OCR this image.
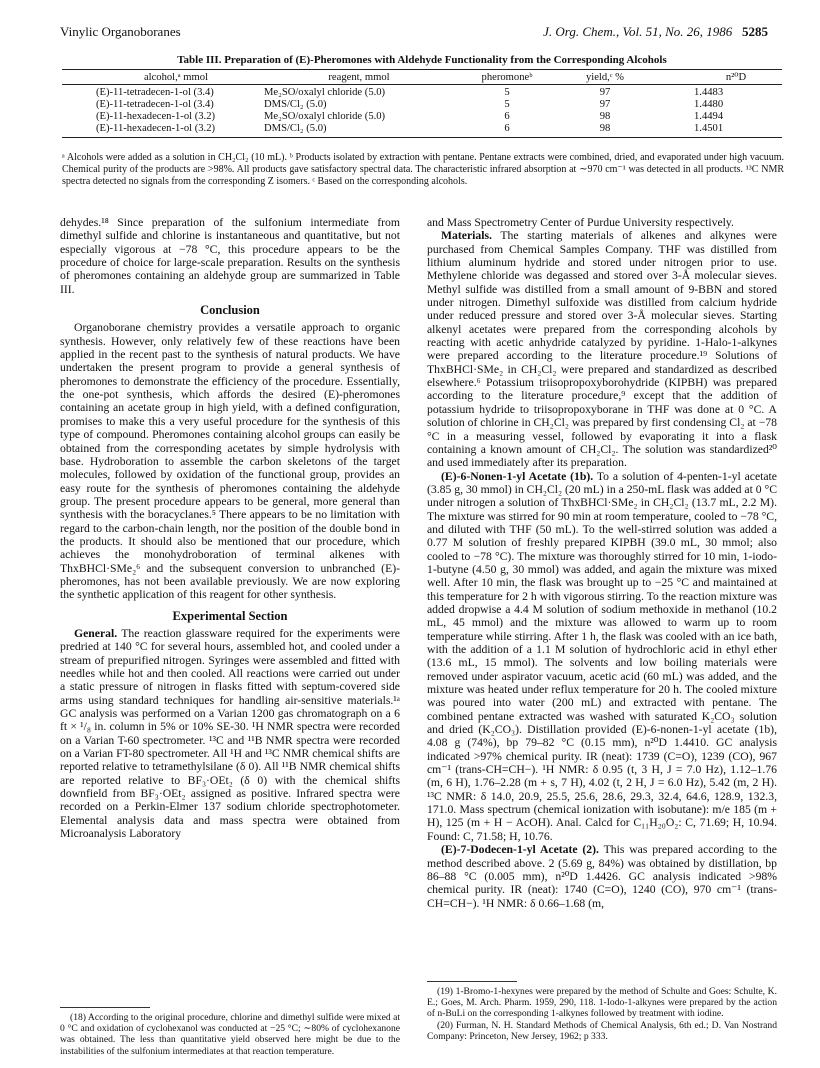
Vinylic Organoboranes	J. Org. Chem., Vol. 51, No. 26, 1986 5285
Table III. Preparation of (E)-Pheromones with Aldehyde Functionality from the Corresponding Alcohols
alcohol,ᵃ mmol	reagent, mmol	pheromoneᵇ	yield,ᶜ %	n²⁰D
(E)-11-tetradecen-1-ol (3.4)	Me₂SO/oxalyl chloride (5.0)	5	97	1.4483
(E)-11-tetradecen-1-ol (3.4)	DMS/Cl₂ (5.0)	5	97	1.4480
(E)-11-hexadecen-1-ol (3.2)	Me₂SO/oxalyl chloride (5.0)	6	98	1.4494
(E)-11-hexadecen-1-ol (3.2)	DMS/Cl₂ (5.0)	6	98	1.4501
ᵃ Alcohols were added as a solution in CH₂Cl₂ (10 mL). ᵇ Products isolated by extraction with pentane. Pentane extracts were combined, dried, and evaporated under high vacuum. Chemical purity of the products are >98%. All products gave satisfactory spectral data. The characteristic infrared absorption at ∼970 cm⁻¹ was detected in all products. ¹³C NMR spectra detected no signals from the corresponding Z isomers. ᶜ Based on the corresponding alcohols.

dehydes.¹⁸ Since preparation of the sulfonium intermediate from dimethyl sulfide and chlorine is instantaneous and quantitative, but not especially vigorous at −78 °C, this procedure appears to be the procedure of choice for large-scale preparation. Results on the synthesis of pheromones containing an aldehyde group are summarized in Table III.

Conclusion

Organoborane chemistry provides a versatile approach to organic synthesis. However, only relatively few of these reactions have been applied in the recent past to the synthesis of natural products. We have undertaken the present program to provide a general synthesis of pheromones to demonstrate the efficiency of the procedure. Essentially, the one-pot synthesis, which affords the desired (E)-pheromones containing an acetate group in high yield, with a defined configuration, promises to make this a very useful procedure for the synthesis of this type of compound. Pheromones containing alcohol groups can easily be obtained from the corresponding acetates by simple hydrolysis with base. Hydroboration to assemble the carbon skeletons of the target molecules, followed by oxidation of the functional group, provides an easy route for the synthesis of pheromones containing the aldehyde group. The present procedure appears to be general, more general than synthesis with the boracyclanes.⁵ There appears to be no limitation with regard to the carbon-chain length, nor the position of the double bond in the products. It should also be mentioned that our procedure, which achieves the monohydroboration of terminal alkenes with ThxBHCl·SMe₂⁶ and the subsequent conversion to unbranched (E)-pheromones, has not been available previously. We are now exploring the synthetic application of this reagent for other synthesis.

Experimental Section

General. The reaction glassware required for the experiments were predried at 140 °C for several hours, assembled hot, and cooled under a stream of prepurified nitrogen. Syringes were assembled and fitted with needles while hot and then cooled. All reactions were carried out under a static pressure of nitrogen in flasks fitted with septum-covered side arms using standard techniques for handling air-sensitive materials.¹ᵃ GC analysis was performed on a Varian 1200 gas chromatograph on a 6 ft × ¹/₈ in. column in 5% or 10% SE-30. ¹H NMR spectra were recorded on a Varian T-60 spectrometer. ¹³C and ¹¹B NMR spectra were recorded on a Varian FT-80 spectrometer. All ¹H and ¹³C NMR chemical shifts are reported relative to tetramethylsilane (δ 0). All ¹¹B NMR chemical shifts are reported relative to BF₃·OEt₂ (δ 0) with the chemical shifts downfield from BF₃·OEt₂ assigned as positive. Infrared spectra were recorded on a Perkin-Elmer 137 sodium chloride spectrophotometer. Elemental analysis data and mass spectra were obtained from Microanalysis Laboratory

and Mass Spectrometry Center of Purdue University respectively.

Materials. The starting materials of alkenes and alkynes were purchased from Chemical Samples Company. THF was distilled from lithium aluminum hydride and stored under nitrogen prior to use. Methylene chloride was degassed and stored over 3-Å molecular sieves. Methyl sulfide was distilled from a small amount of 9-BBN and stored under nitrogen. Dimethyl sulfoxide was distilled from calcium hydride under reduced pressure and stored over 3-Å molecular sieves. Starting alkenyl acetates were prepared from the corresponding alcohols by reacting with acetic anhydride catalyzed by pyridine. 1-Halo-1-alkynes were prepared according to the literature procedure.¹⁹ Solutions of ThxBHCl·SMe₂ in CH₂Cl₂ were prepared and standardized as described elsewhere.⁶ Potassium triisopropoxyborohydride (KIPBH) was prepared according to the literature procedure,⁹ except that the addition of potassium hydride to triisopropoxyborane in THF was done at 0 °C. A solution of chlorine in CH₂Cl₂ was prepared by first condensing Cl₂ at −78 °C in a measuring vessel, followed by evaporating it into a flask containing a known amount of CH₂Cl₂. The solution was standardized²⁰ and used immediately after its preparation.

(E)-6-Nonen-1-yl Acetate (1b). To a solution of 4-penten-1-yl acetate (3.85 g, 30 mmol) in CH₂Cl₂ (20 mL) in a 250-mL flask was added at 0 °C under nitrogen a solution of ThxBHCl·SMe₂ in CH₂Cl₂ (13.7 mL, 2.2 M). The mixture was stirred for 90 min at room temperature, cooled to −78 °C, and diluted with THF (50 mL). To the well-stirred solution was added a 0.77 M solution of freshly prepared KIPBH (39.0 mL, 30 mmol; also cooled to −78 °C). The mixture was thoroughly stirred for 10 min, 1-iodo-1-butyne (4.50 g, 30 mmol) was added, and again the mixture was mixed well. After 10 min, the flask was brought up to −25 °C and maintained at this temperature for 2 h with vigorous stirring. To the reaction mixture was added dropwise a 4.4 M solution of sodium methoxide in methanol (10.2 mL, 45 mmol) and the mixture was allowed to warm up to room temperature while stirring. After 1 h, the flask was cooled with an ice bath, with the addition of a 1.1 M solution of hydrochloric acid in ethyl ether (13.6 mL, 15 mmol). The solvents and low boiling materials were removed under aspirator vacuum, acetic acid (60 mL) was added, and the mixture was heated under reflux temperature for 20 h. The cooled mixture was poured into water (200 mL) and extracted with pentane. The combined pentane extracted was washed with saturated K₂CO₃ solution and dried (K₂CO₃). Distillation provided (E)-6-nonen-1-yl acetate (1b), 4.08 g (74%), bp 79–82 °C (0.15 mm), n²⁰D 1.4410. GC analysis indicated >97% chemical purity. IR (neat): 1739 (C=O), 1239 (CO), 967 cm⁻¹ (trans-CH=CH−). ¹H NMR: δ 0.95 (t, 3 H, J = 7.0 Hz), 1.12–1.76 (m, 6 H), 1.76–2.28 (m + s, 7 H), 4.02 (t, 2 H, J = 6.0 Hz), 5.42 (m, 2 H). ¹³C NMR: δ 14.0, 20.9, 25.5, 25.6, 28.6, 29.3, 32.4, 64.6, 128.9, 132.3, 171.0. Mass spectrum (chemical ionization with isobutane): m/e 185 (m + H), 125 (m + H − AcOH). Anal. Calcd for C₁₁H₂₀O₂: C, 71.69; H, 10.94. Found: C, 71.58; H, 10.76.

(E)-7-Dodecen-1-yl Acetate (2). This was prepared according to the method described above. 2 (5.69 g, 84%) was obtained by distillation, bp 86–88 °C (0.005 mm), n²⁰D 1.4426. GC analysis indicated >98% chemical purity. IR (neat): 1740 (C=O), 1240 (CO), 970 cm⁻¹ (trans-CH=CH−). ¹H NMR: δ 0.66–1.68 (m,

(18) According to the original procedure, chlorine and dimethyl sulfide were mixed at 0 °C and oxidation of cyclohexanol was conducted at −25 °C; ∼80% of cyclohexanone was obtained. The less than quantitative yield observed here might be due to the instabilities of the sulfonium intermediates at that reaction temperature.

(19) 1-Bromo-1-hexynes were prepared by the method of Schulte and Goes: Schulte, K. E.; Goes, M. Arch. Pharm. 1959, 290, 118. 1-Iodo-1-alkynes were prepared by the action of n-BuLi on the corresponding 1-alkynes followed by treatment with iodine.

(20) Furman, N. H. Standard Methods of Chemical Analysis, 6th ed.; D. Van Nostrand Company: Princeton, New Jersey, 1962; p 333.
